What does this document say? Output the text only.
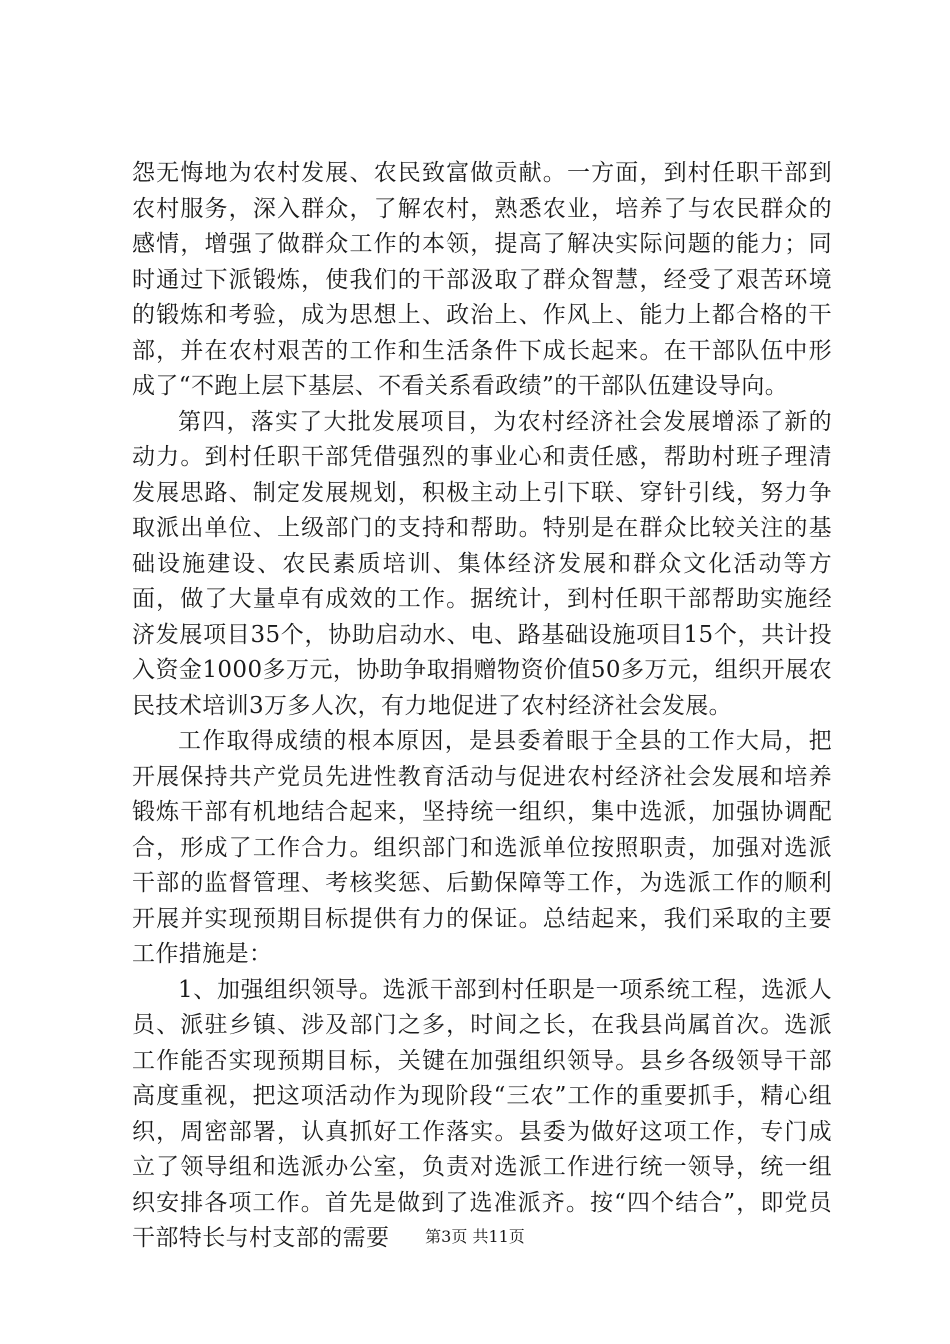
怨无悔地为农村发展、农民致富做贡献。一方面，到村任职干部到农村服务，深入群众，了解农村，熟悉农业，培养了与农民群众的感情，增强了做群众工作的本领，提高了解决实际问题的能力；同时通过下派锻炼，使我们的干部汲取了群众智慧，经受了艰苦环境的锻炼和考验，成为思想上、政治上、作风上、能力上都合格的干部，并在农村艰苦的工作和生活条件下成长起来。在干部队伍中形成了“不跑上层下基层、不看关系看政绩”的干部队伍建设导向。

第四，落实了大批发展项目，为农村经济社会发展增添了新的动力。到村任职干部凭借强烈的事业心和责任感，帮助村班子理清发展思路、制定发展规划，积极主动上引下联、穿针引线，努力争取派出单位、上级部门的支持和帮助。特别是在群众比较关注的基础设施建设、农民素质培训、集体经济发展和群众文化活动等方面，做了大量卓有成效的工作。据统计，到村任职干部帮助实施经济发展项目35个，协助启动水、电、路基础设施项目15个，共计投入资金1000多万元，协助争取捐赠物资价值50多万元，组织开展农民技术培训3万多人次，有力地促进了农村经济社会发展。

工作取得成绩的根本原因，是县委着眼于全县的工作大局，把开展保持共产党员先进性教育活动与促进农村经济社会发展和培养锻炼干部有机地结合起来，坚持统一组织，集中选派，加强协调配合，形成了工作合力。组织部门和选派单位按照职责，加强对选派干部的监督管理、考核奖惩、后勤保障等工作，为选派工作的顺利开展并实现预期目标提供有力的保证。总结起来，我们采取的主要工作措施是：

1、加强组织领导。选派干部到村任职是一项系统工程，选派人员、派驻乡镇、涉及部门之多，时间之长，在我县尚属首次。选派工作能否实现预期目标，关键在加强组织领导。县乡各级领导干部高度重视，把这项活动作为现阶段“三农”工作的重要抓手，精心组织，周密部署，认真抓好工作落实。县委为做好这项工作，专门成立了领导组和选派办公室，负责对选派工作进行统一领导，统一组织安排各项工作。首先是做到了选准派齐。按“四个结合”，即党员干部特长与村支部的需要	第3页 共11页
